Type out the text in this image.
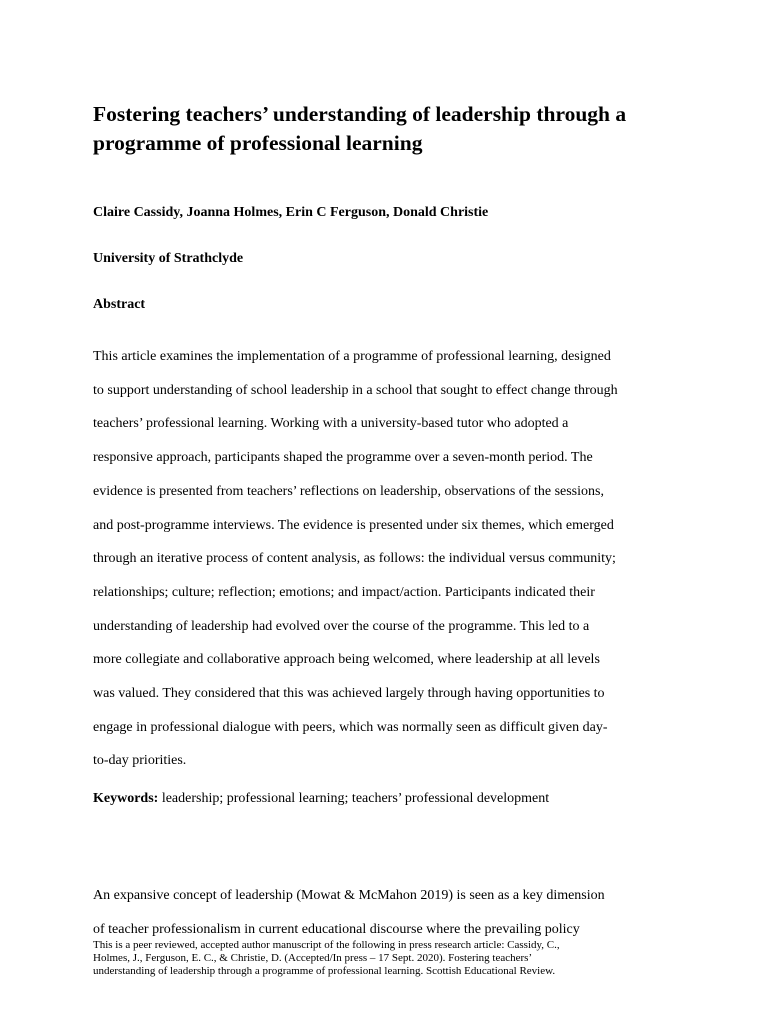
Fostering teachers’ understanding of leadership through a
programme of professional learning

Claire Cassidy, Joanna Holmes, Erin C Ferguson, Donald Christie

University of Strathclyde

Abstract

This article examines the implementation of a programme of professional learning, designed
to support understanding of school leadership in a school that sought to effect change through
teachers’ professional learning. Working with a university-based tutor who adopted a
responsive approach, participants shaped the programme over a seven-month period. The
evidence is presented from teachers’ reflections on leadership, observations of the sessions,
and post-programme interviews. The evidence is presented under six themes, which emerged
through an iterative process of content analysis, as follows: the individual versus community;
relationships; culture; reflection; emotions; and impact/action. Participants indicated their
understanding of leadership had evolved over the course of the programme. This led to a
more collegiate and collaborative approach being welcomed, where leadership at all levels
was valued. They considered that this was achieved largely through having opportunities to
engage in professional dialogue with peers, which was normally seen as difficult given day-
to-day priorities.

Keywords: leadership; professional learning; teachers’ professional development

An expansive concept of leadership (Mowat & McMahon 2019) is seen as a key dimension
of teacher professionalism in current educational discourse where the prevailing policy

This is a peer reviewed, accepted author manuscript of the following in press research article: Cassidy, C.,
Holmes, J., Ferguson, E. C., & Christie, D. (Accepted/In press – 17 Sept. 2020). Fostering teachers’
understanding of leadership through a programme of professional learning. Scottish Educational Review.
